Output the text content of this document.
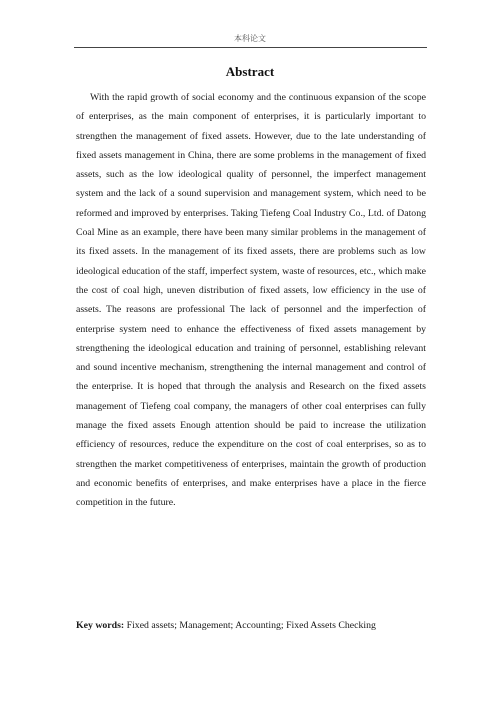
本科论文
Abstract

With the rapid growth of social economy and the continuous expansion of the scope of enterprises, as the main component of enterprises, it is particularly important to strengthen the management of fixed assets. However, due to the late understanding of fixed assets management in China, there are some problems in the management of fixed assets, such as the low ideological quality of personnel, the imperfect management system and the lack of a sound supervision and management system, which need to be reformed and improved by enterprises. Taking Tiefeng Coal Industry Co., Ltd. of Datong Coal Mine as an example, there have been many similar problems in the management of its fixed assets. In the management of its fixed assets, there are problems such as low ideological education of the staff, imperfect system, waste of resources, etc., which make the cost of coal high, uneven distribution of fixed assets, low efficiency in the use of assets. The reasons are professional The lack of personnel and the imperfection of enterprise system need to enhance the effectiveness of fixed assets management by strengthening the ideological education and training of personnel, establishing relevant and sound incentive mechanism, strengthening the internal management and control of the enterprise. It is hoped that through the analysis and Research on the fixed assets management of Tiefeng coal company, the managers of other coal enterprises can fully manage the fixed assets Enough attention should be paid to increase the utilization efficiency of resources, reduce the expenditure on the cost of coal enterprises, so as to strengthen the market competitiveness of enterprises, maintain the growth of production and economic benefits of enterprises, and make enterprises have a place in the fierce competition in the future.

Key words: Fixed assets; Management; Accounting; Fixed Assets Checking
